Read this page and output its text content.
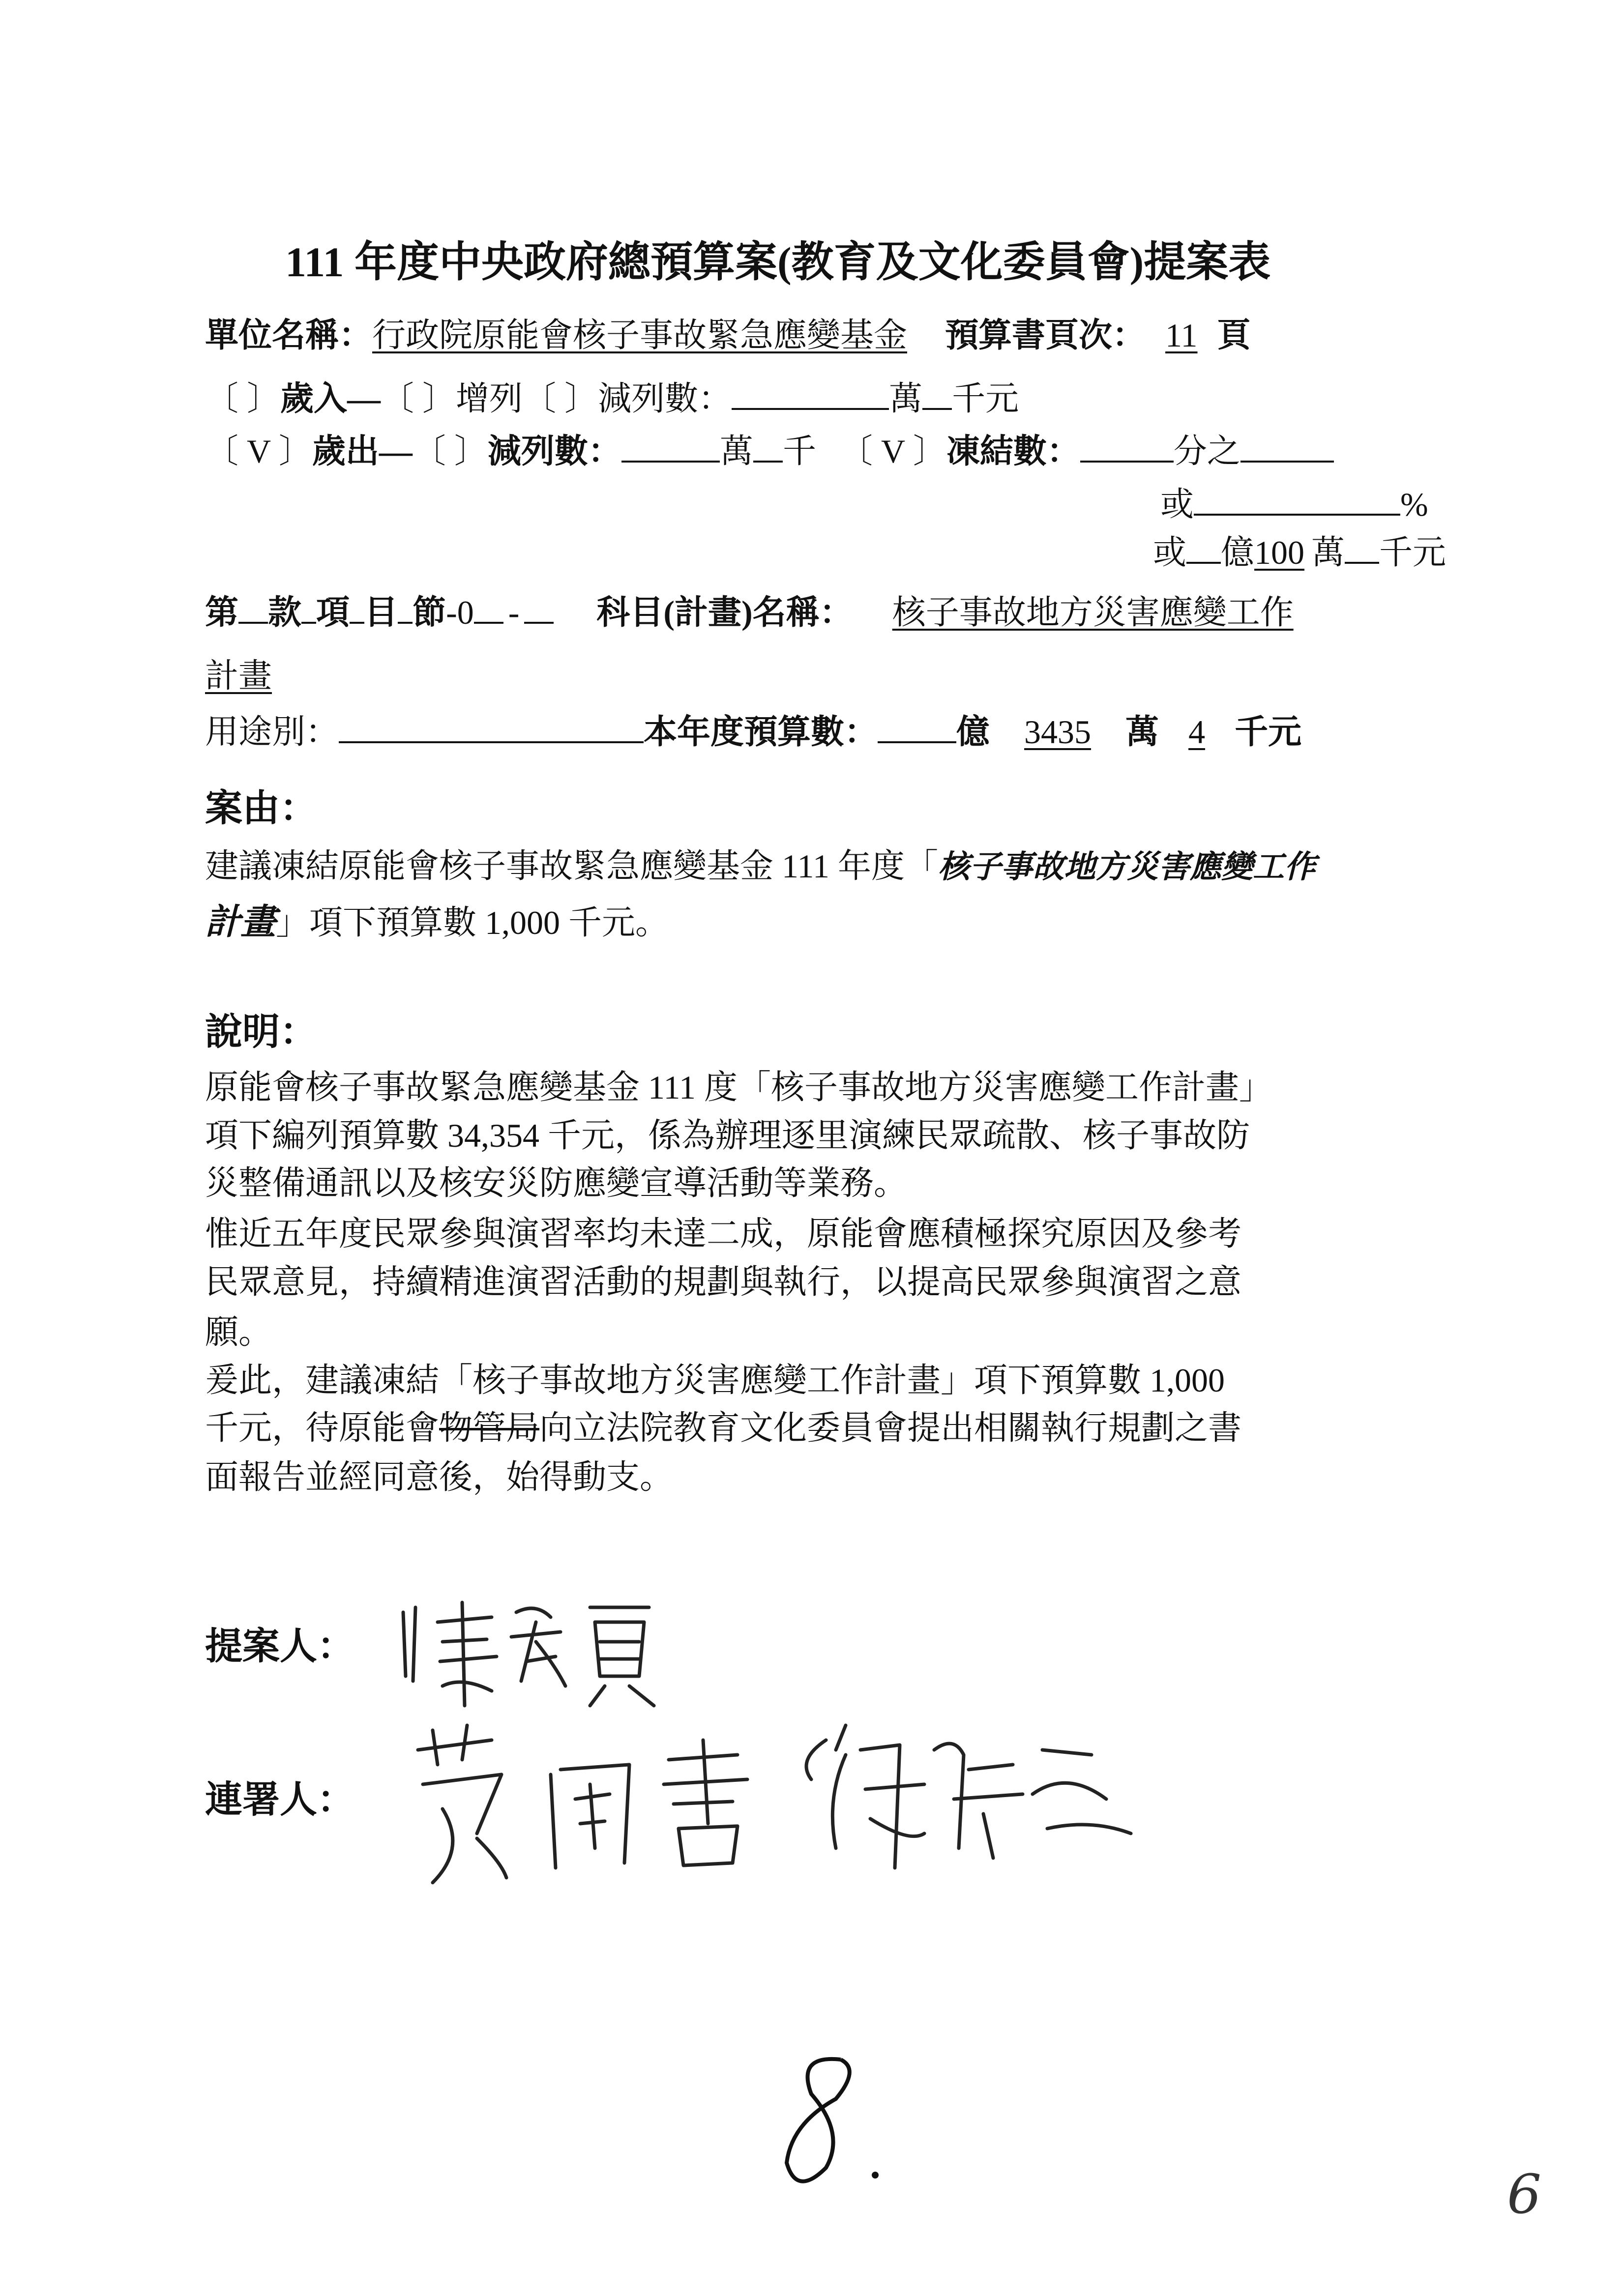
111 年度中央政府總預算案(教育及文化委員會)提案表
單位名稱：行政院原能會核子事故緊急應變基金 預算書頁次： 11 頁
〔 〕歲入—〔 〕增列〔 〕減列數：	萬 千元
〔 V 〕歲出—〔 〕減列數：	萬 千 〔 V 〕凍結數：	分之
或	%
或 億100 萬 千元
第 款 項 目 節-0 - 科目(計畫)名稱： 核子事故地方災害應變工作
計畫
用途別：	本年度預算數： 億 3435 萬 4 千元
案由：
建議凍結原能會核子事故緊急應變基金 111 年度「核子事故地方災害應變工作
計畫」項下預算數 1,000 千元。
說明：
原能會核子事故緊急應變基金 111 度「核子事故地方災害應變工作計畫」
項下編列預算數 34,354 千元，係為辦理逐里演練民眾疏散、核子事故防
災整備通訊以及核安災防應變宣導活動等業務。
惟近五年度民眾參與演習率均未達二成，原能會應積極探究原因及參考
民眾意見，持續精進演習活動的規劃與執行，以提高民眾參與演習之意
願。
爰此，建議凍結「核子事故地方災害應變工作計畫」項下預算數 1,000
千元，待原能會物管局向立法院教育文化委員會提出相關執行規劃之書
面報告並經同意後，始得動支。
提案人：
連署人：
6
